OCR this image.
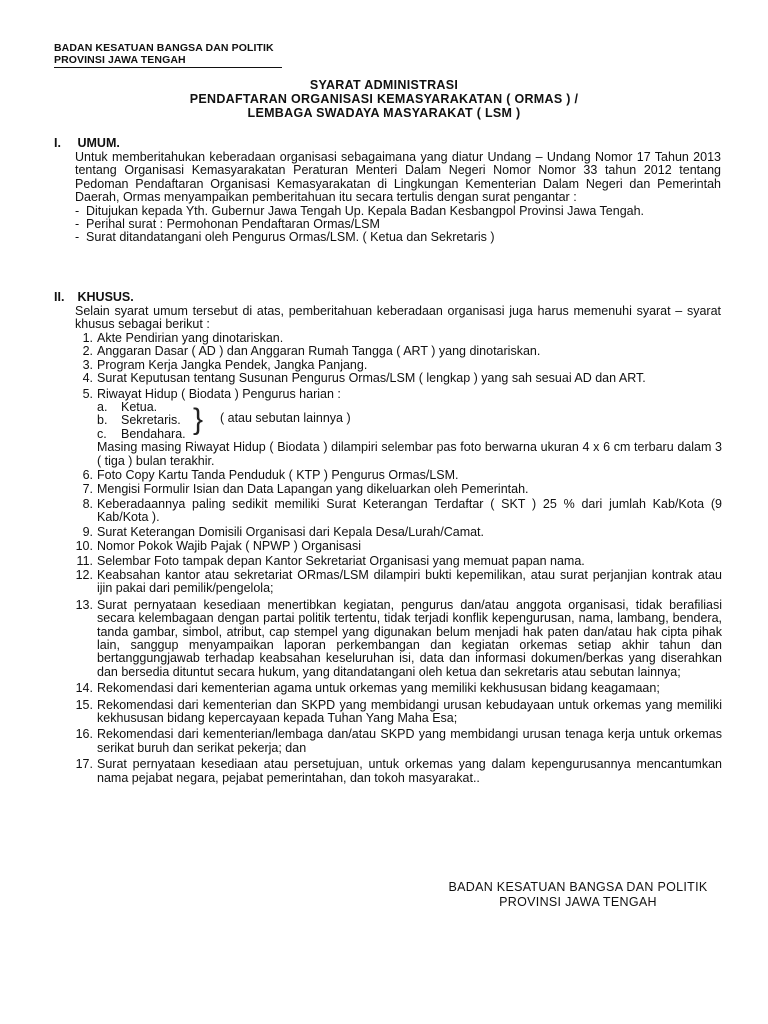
BADAN KESATUAN BANGSA DAN POLITIK

PROVINSI JAWA TENGAH
SYARAT ADMINISTRASI
PENDAFTARAN ORGANISASI KEMASYARAKATAN ( ORMAS ) /
LEMBAGA SWADAYA MASYARAKAT ( LSM )
I. UMUM.

Untuk memberitahukan keberadaan organisasi sebagaimana yang diatur Undang – Undang Nomor 17 Tahun 2013 tentang Organisasi Kemasyarakatan Peraturan Menteri Dalam Negeri Nomor Nomor 33 tahun 2012 tentang Pedoman Pendaftaran Organisasi Kemasyarakatan di Lingkungan Kementerian Dalam Negeri dan Pemerintah Daerah, Ormas menyampaikan pemberitahuan itu secara tertulis dengan surat pengantar :

- Ditujukan kepada Yth. Gubernur Jawa Tengah Up. Kepala Badan Kesbangpol Provinsi Jawa Tengah.
- Perihal surat : Permohonan Pendaftaran Ormas/LSM
- Surat ditandatangani oleh Pengurus Ormas/LSM. ( Ketua dan Sekretaris )
II. KHUSUS.
Selain syarat umum tersebut di atas, pemberitahuan keberadaan organisasi juga harus memenuhi syarat – syarat khusus sebagai berikut :
1. Akte Pendirian yang dinotariskan.
2. Anggaran Dasar ( AD ) dan Anggaran Rumah Tangga ( ART ) yang dinotariskan.
3. Program Kerja Jangka Pendek, Jangka Panjang.
4. Surat Keputusan tentang Susunan Pengurus Ormas/LSM ( lengkap ) yang sah sesuai AD dan ART.
5. Riwayat Hidup ( Biodata ) Pengurus harian :
a.	Ketua.
b.	Sekretaris.
c.	Bendahara. } ( atau sebutan lainnya )
Masing masing Riwayat Hidup ( Biodata ) dilampiri selembar pas foto berwarna ukuran 4 x 6 cm terbaru dalam 3 ( tiga ) bulan terakhir.
6. Foto Copy Kartu Tanda Penduduk ( KTP ) Pengurus Ormas/LSM.
7. Mengisi Formulir Isian dan Data Lapangan yang dikeluarkan oleh Pemerintah.
8. Keberadaannya paling sedikit memiliki Surat Keterangan Terdaftar ( SKT ) 25 % dari jumlah Kab/Kota (9 Kab/Kota ).
9. Surat Keterangan Domisili Organisasi dari Kepala Desa/Lurah/Camat.
10. Nomor Pokok Wajib Pajak ( NPWP ) Organisasi
11. Selembar Foto tampak depan Kantor Sekretariat Organisasi yang memuat papan nama.
12. Keabsahan kantor atau sekretariat ORmas/LSM dilampiri bukti kepemilikan, atau surat perjanjian kontrak atau ijin pakai dari pemilik/pengelola;
13. Surat pernyataan kesediaan menertibkan kegiatan, pengurus dan/atau anggota organisasi, tidak berafiliasi secara kelembagaan dengan partai politik tertentu, tidak terjadi konflik kepengurusan, nama, lambang, bendera, tanda gambar, simbol, atribut, cap stempel yang digunakan belum menjadi hak paten dan/atau hak cipta pihak lain, sanggup menyampaikan laporan perkembangan dan kegiatan orkemas setiap akhir tahun dan bertanggungjawab terhadap keabsahan keseluruhan isi, data dan informasi dokumen/berkas yang diserahkan dan bersedia dituntut secara hukum, yang ditandatangani oleh ketua dan sekretaris atau sebutan lainnya;
14. Rekomendasi dari kementerian agama untuk orkemas yang memiliki kekhususan bidang keagamaan;
15. Rekomendasi dari kementerian dan SKPD yang membidangi urusan kebudayaan untuk orkemas yang memiliki kekhususan bidang kepercayaan kepada Tuhan Yang Maha Esa;
16. Rekomendasi dari kementerian/lembaga dan/atau SKPD yang membidangi urusan tenaga kerja untuk orkemas serikat buruh dan serikat pekerja; dan
17. Surat pernyataan kesediaan atau persetujuan, untuk orkemas yang dalam kepengurusannya mencantumkan nama pejabat negara, pejabat pemerintahan, dan tokoh masyarakat..
BADAN KESATUAN BANGSA DAN POLITIK
PROVINSI JAWA TENGAH
